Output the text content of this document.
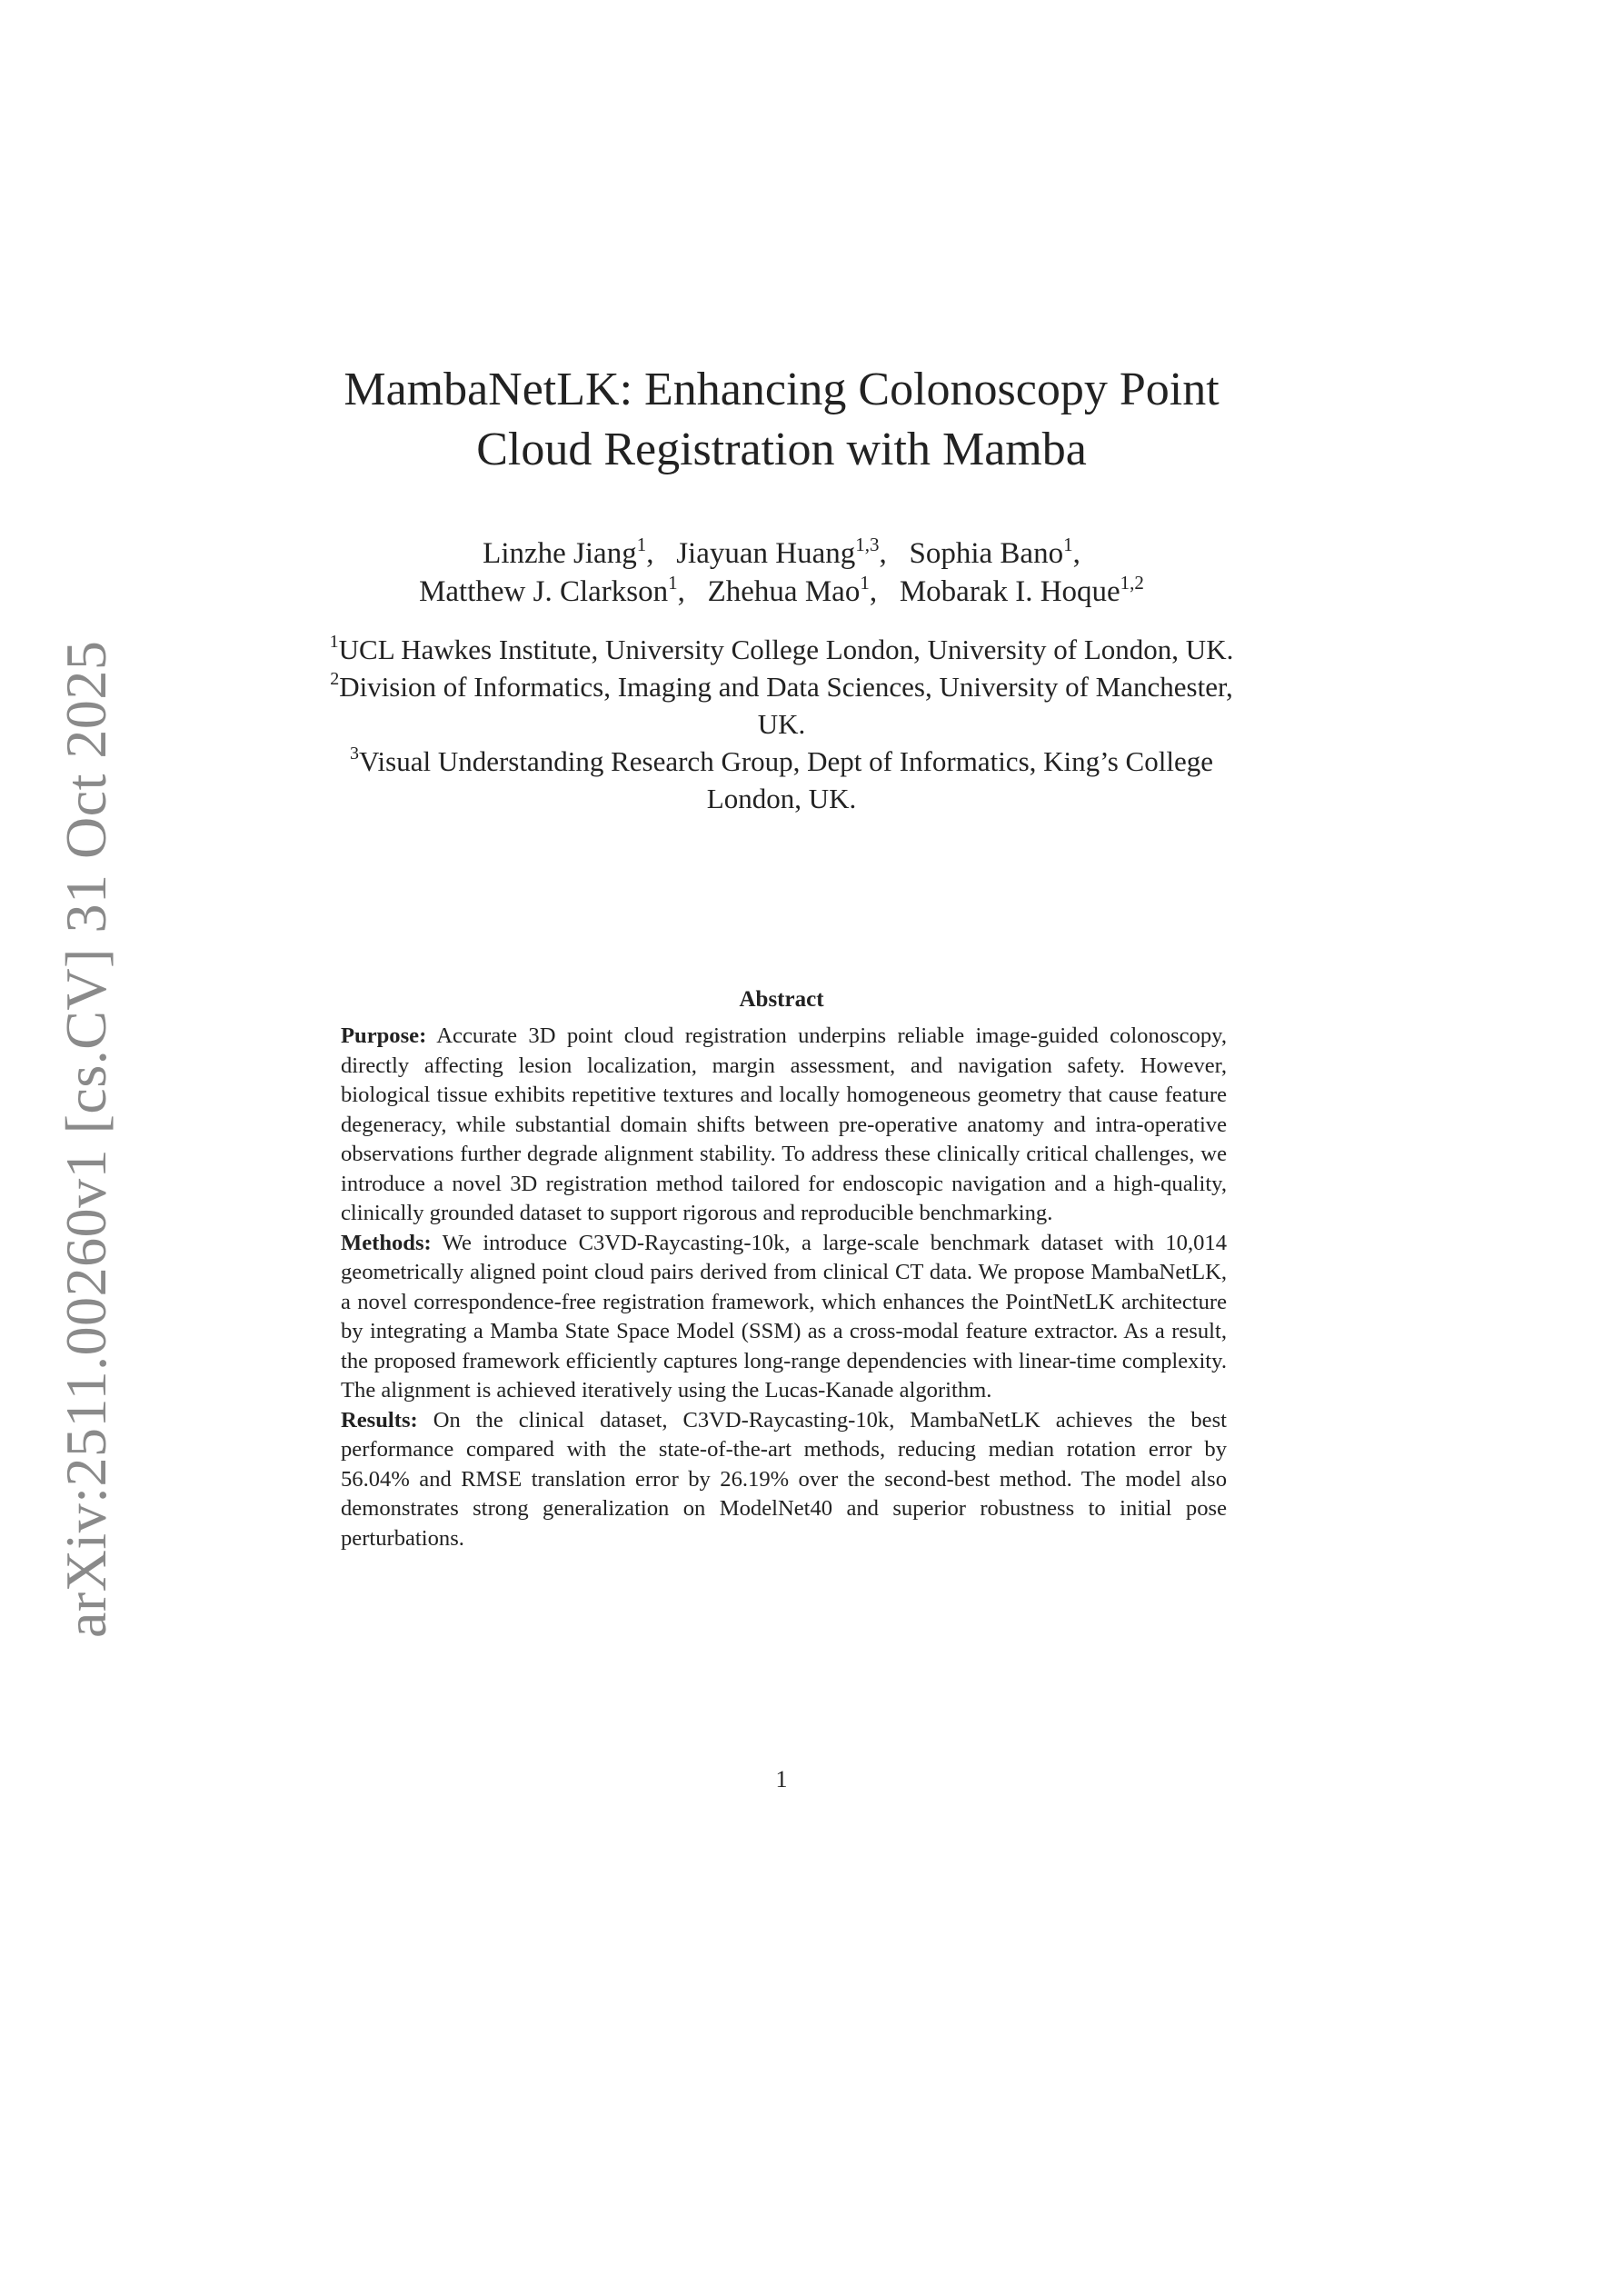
arXiv:2511.00260v1 [cs.CV] 31 Oct 2025
MambaNetLK: Enhancing Colonoscopy Point
Cloud Registration with Mamba
Linzhe Jiang$^1$, Jiayuan Huang$^{1,3}$, Sophia Bano$^1$,
Matthew J. Clarkson$^1$, Zhehua Mao$^1$, Mobarak I. Hoque$^{1,2}$

$^1$UCL Hawkes Institute, University College London, University of London, UK.

$^2$Division of Informatics, Imaging and Data Sciences, University of Manchester, UK.

$^3$Visual Understanding Research Group, Dept of Informatics, King’s College London, UK.

Abstract

Purpose: Accurate 3D point cloud registration underpins reliable image-guided colonoscopy, directly affecting lesion localization, margin assessment, and navigation safety. However, biological tissue exhibits repetitive textures and locally homogeneous geometry that cause feature degeneracy, while substantial domain shifts between pre-operative anatomy and intra-operative observations further degrade alignment stability. To address these clinically critical challenges, we introduce a novel 3D registration method tailored for endoscopic navigation and a high-quality, clinically grounded dataset to support rigorous and reproducible benchmarking.

Methods: We introduce C3VD-Raycasting-10k, a large-scale benchmark dataset with 10,014 geometrically aligned point cloud pairs derived from clinical CT data. We propose MambaNetLK, a novel correspondence-free registration framework, which enhances the PointNetLK architecture by integrating a Mamba State Space Model (SSM) as a cross-modal feature extractor. As a result, the proposed framework efficiently captures long-range dependencies with linear-time complexity. The alignment is achieved iteratively using the Lucas-Kanade algorithm.

Results: On the clinical dataset, C3VD-Raycasting-10k, MambaNetLK achieves the best performance compared with the state-of-the-art methods, reducing median rotation error by 56.04% and RMSE translation error by 26.19% over the second-best method. The model also demonstrates strong generalization on ModelNet40 and superior robustness to initial pose perturbations.

1
